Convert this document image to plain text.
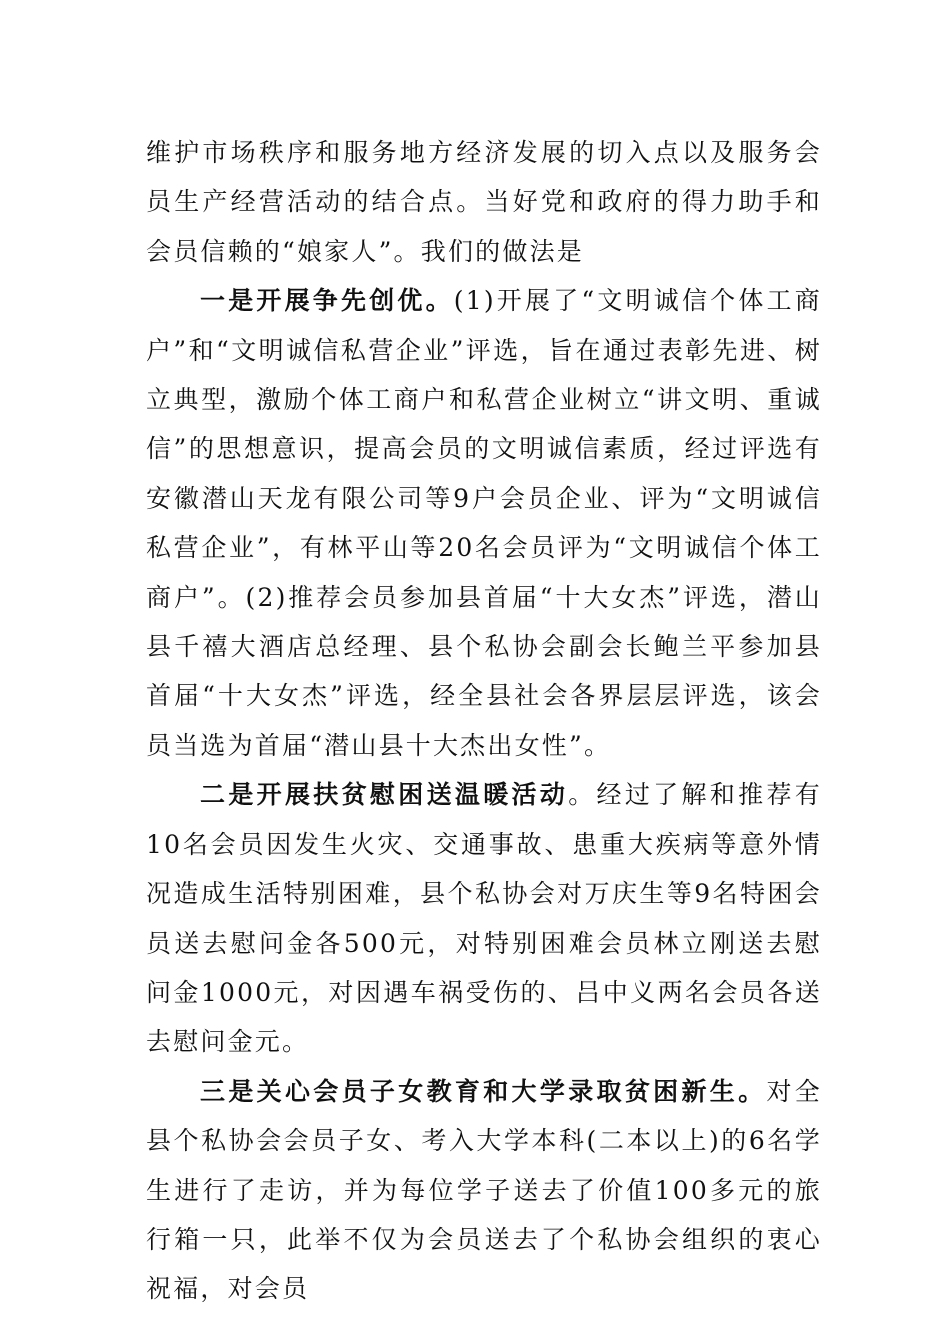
维护市场秩序和服务地方经济发展的切入点以及服务会员生产经营活动的结合点。当好党和政府的得力助手和会员信赖的“娘家人”。我们的做法是

一是开展争先创优。(1)开展了“文明诚信个体工商户”和“文明诚信私营企业”评选，旨在通过表彰先进、树立典型，激励个体工商户和私营企业树立“讲文明、重诚信”的思想意识，提高会员的文明诚信素质，经过评选有安徽潜山天龙有限公司等9户会员企业、评为“文明诚信私营企业”，有林平山等20名会员评为“文明诚信个体工商户”。(2)推荐会员参加县首届“十大女杰”评选，潜山县千禧大酒店总经理、县个私协会副会长鲍兰平参加县首届“十大女杰”评选，经全县社会各界层层评选，该会员当选为首届“潜山县十大杰出女性”。

二是开展扶贫慰困送温暖活动。经过了解和推荐有10名会员因发生火灾、交通事故、患重大疾病等意外情况造成生活特别困难，县个私协会对万庆生等9名特困会员送去慰问金各500元，对特别困难会员林立刚送去慰问金1000元，对因遇车祸受伤的、吕中义两名会员各送去慰问金元。

三是关心会员子女教育和大学录取贫困新生。对全县个私协会会员子女、考入大学本科(二本以上)的6名学生进行了走访，并为每位学子送去了价值100多元的旅行箱一只，此举不仅为会员送去了个私协会组织的衷心祝福，对会员
